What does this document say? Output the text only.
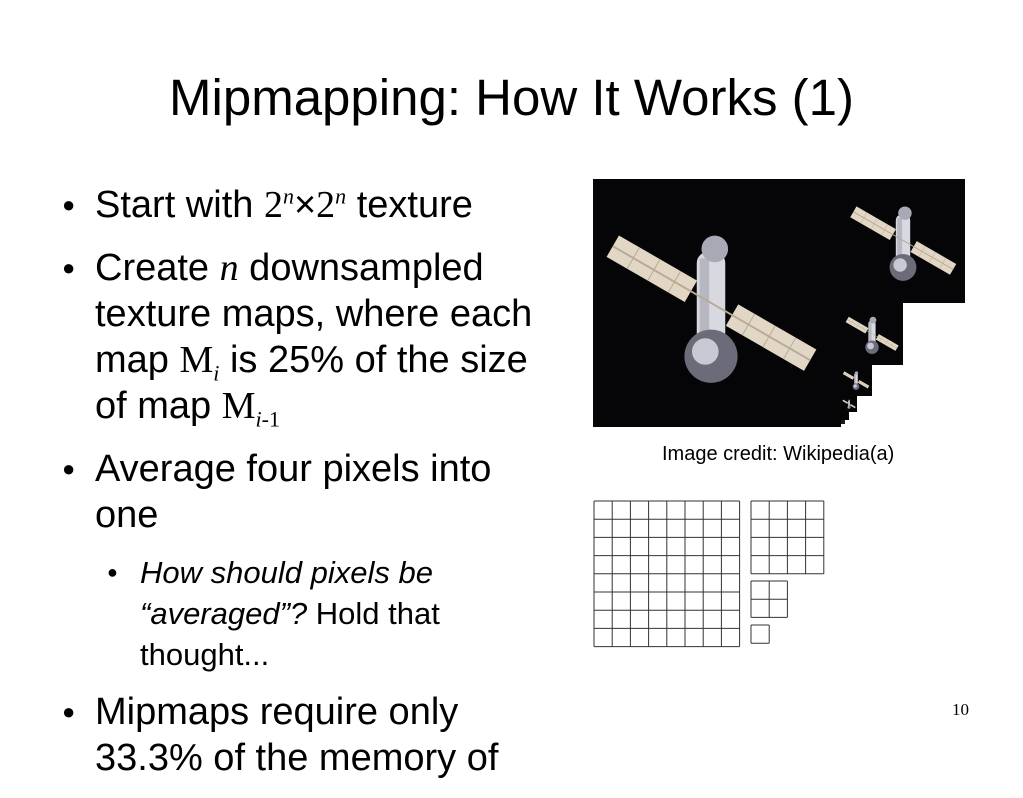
Mipmapping: How It Works (1)
● Start with $2^n\times 2^n$ texture
● Create n downsampled texture maps, where each map $M_i$ is 25% of the size of map $M_{i-1}$
● Average four pixels into one
● How should pixels be “averaged”? Hold that thought...
● Mipmaps require only 33.3% of the memory of
Image credit: Wikipedia(a)
10
